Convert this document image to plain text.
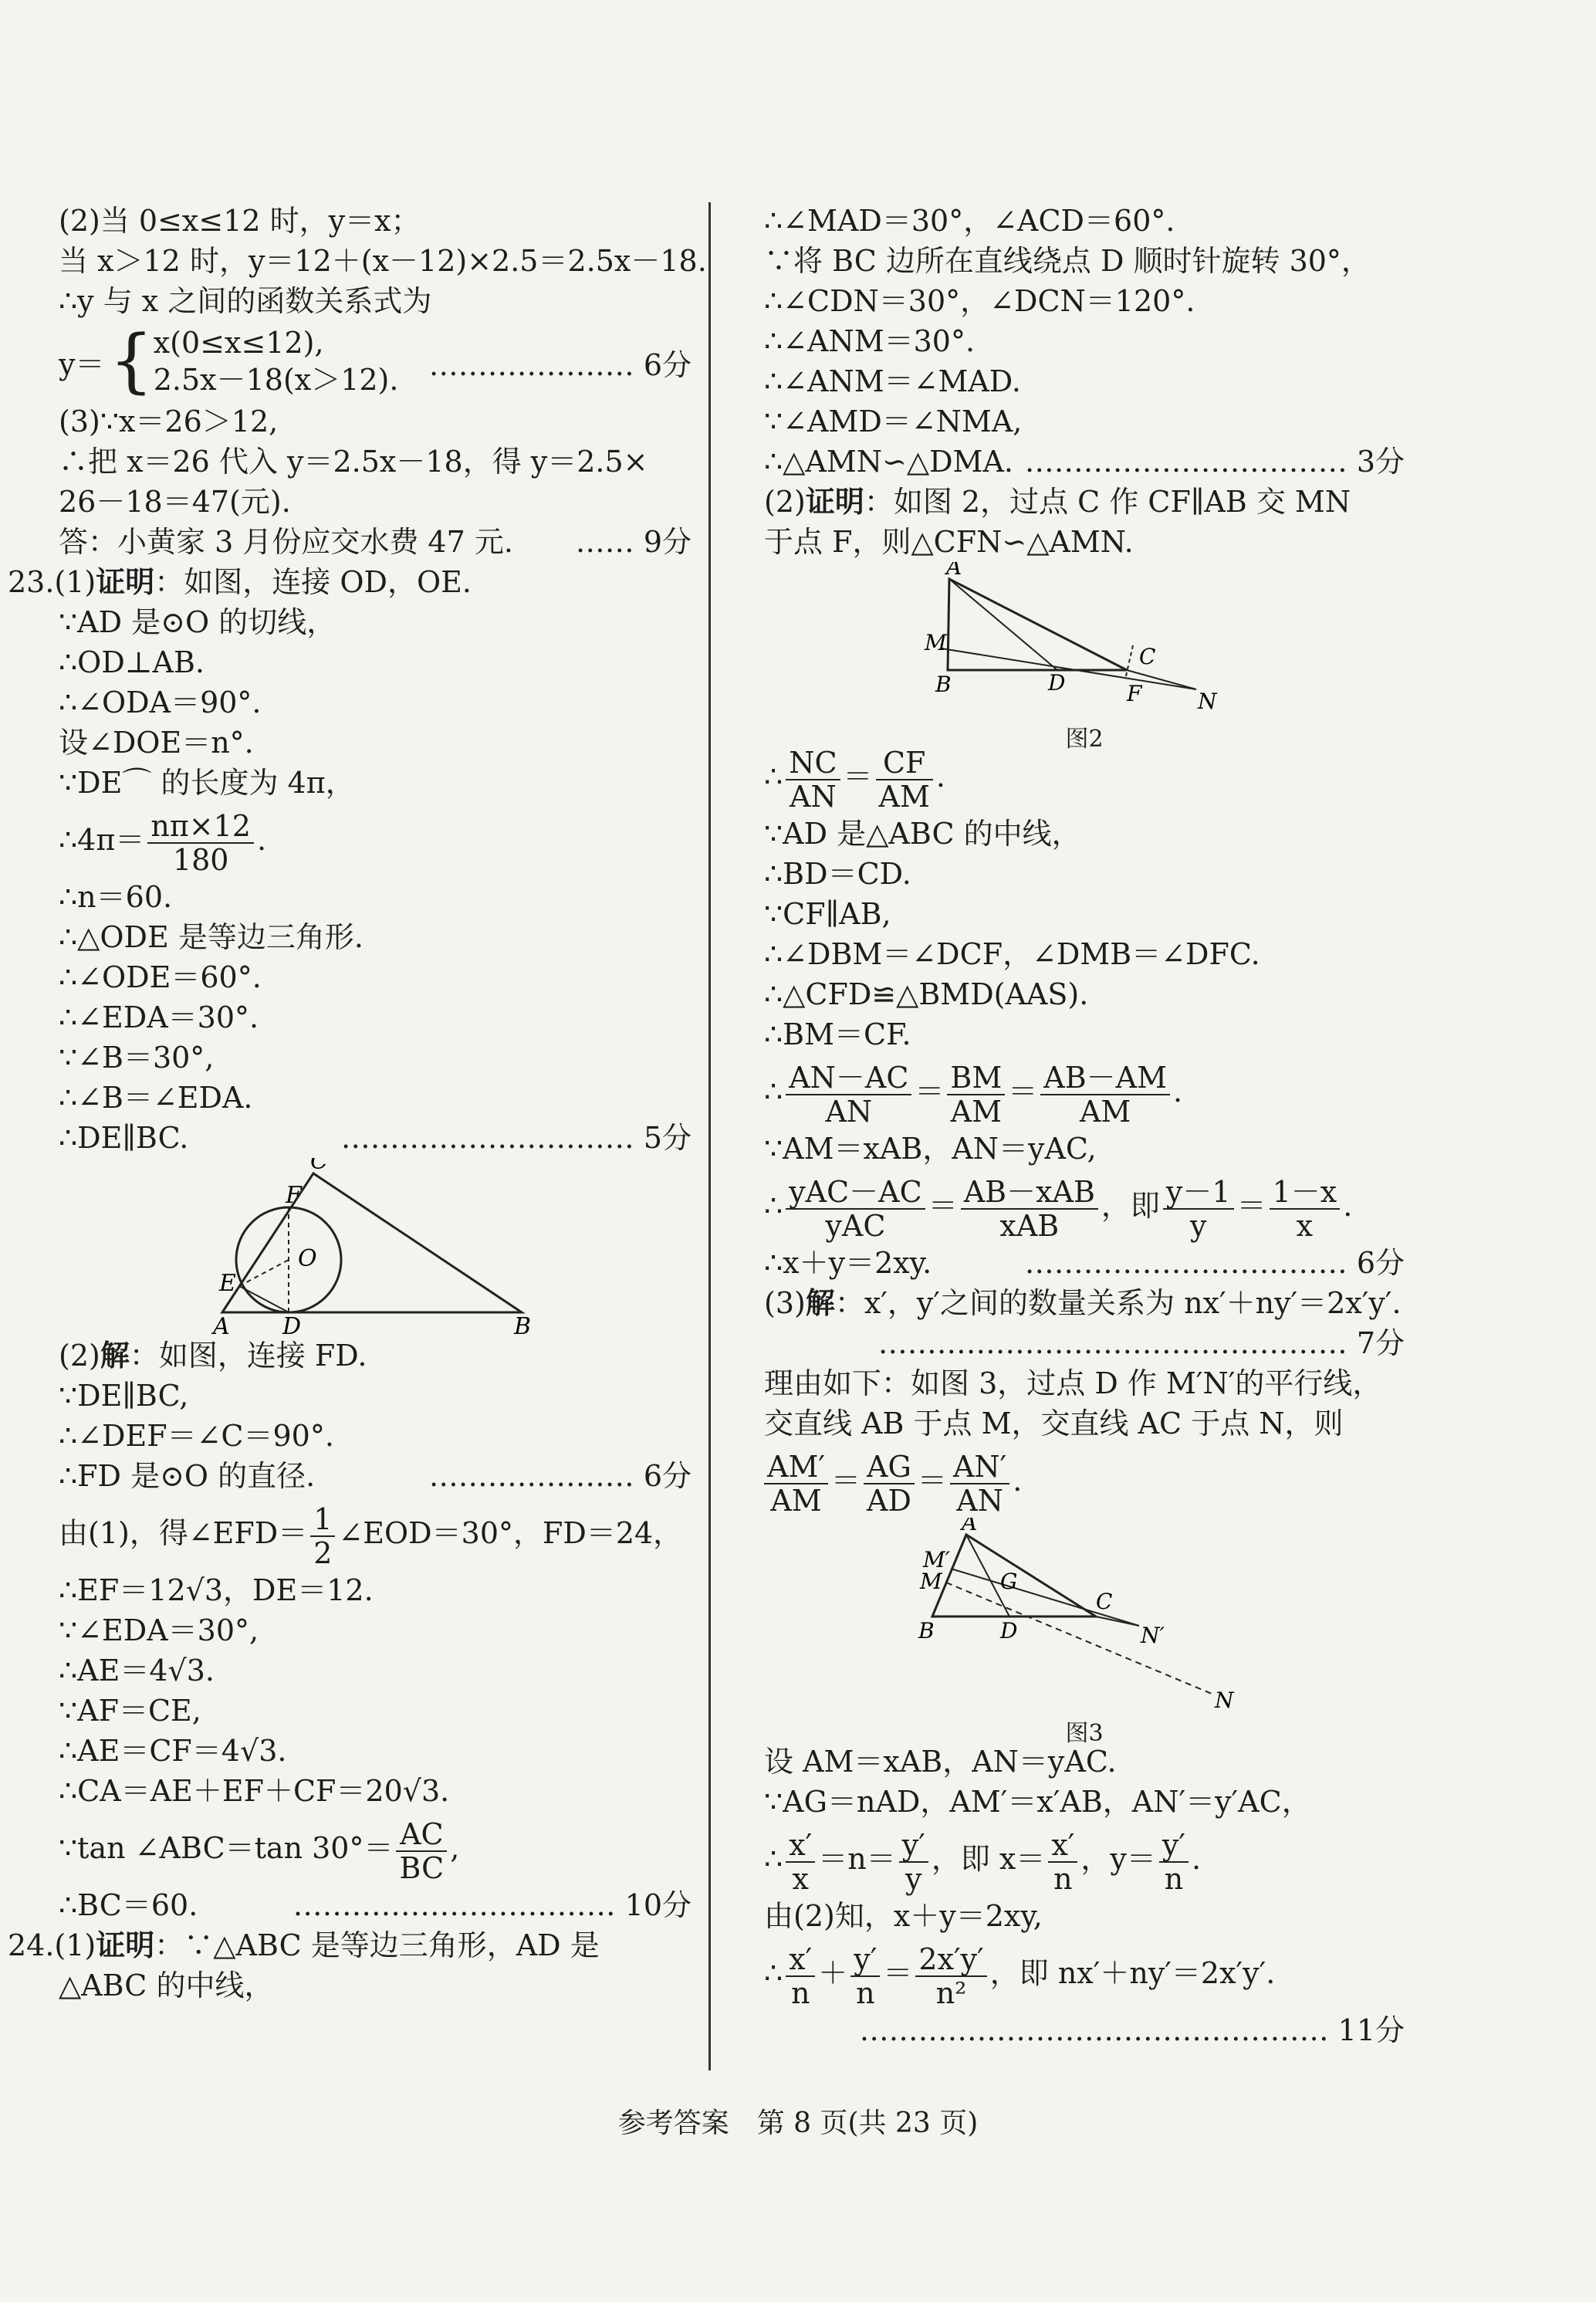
(2)当 0≤x≤12 时，y＝x；
当 x＞12 时，y＝12＋(x－12)×2.5＝2.5x－18.
∴y 与 x 之间的函数关系式为
y＝ { x(0≤x≤12),
2.5x－18(x＞12). ………………… 6分
(3)∵x＝26＞12,
∴把 x＝26 代入 y＝2.5x－18，得 y＝2.5×
26－18＝47(元).
答：小黄家 3 月份应交水费 47 元. …… 9分
23.(1)证明：如图，连接 OD，OE.
∵AD 是⊙O 的切线，
∴OD⊥AB.
∴∠ODA＝90°.
设∠DOE＝n°.
∵DE⌒ 的长度为 4π，
∴4π＝ $\frac{n\pi\times 12}{180}$ .
∴n＝60.
∴△ODE 是等边三角形.
∴∠ODE＝60°.
∴∠EDA＝30°.
∵∠B＝30°,
∴∠B＝∠EDA.
∴DE∥BC.	………………………… 5分
C
F
O
E
A D	B
(2)解：如图，连接 FD.
∵DE∥BC,
∴∠DEF＝∠C＝90°.
∴FD 是⊙O 的直径.	………………… 6分
由(1)，得∠EFD＝ $\frac{1}{2}$ ∠EOD＝30°，FD＝24，
∴EF＝12√3，DE＝12.
∵∠EDA＝30°,
∴AE＝4√3.
∵AF＝CE,
∴AE＝CF＝4√3.
∴CA＝AE＋EF＋CF＝20√3.
∵tan ∠ABC＝tan $30^\circ= \frac{AC}{BC}$ ,
∴BC＝60.	…………………………… 10分
24.(1)证明：∵△ABC 是等边三角形，AD 是
△ABC 的中线，
∴∠MAD＝30°，∠ACD＝60°.
∵将 BC 边所在直线绕点 D 顺时针旋转 30°，
∴∠CDN＝30°，∠DCN＝120°.
∴∠ANM＝30°.
∴∠ANM＝∠MAD.
∵∠AMD＝∠NMA,
∴△AMN∽△DMA. …………………………… 3分
(2)证明：如图 2，过点 C 作 CF∥AB 交 MN
于点 F，则△CFN∽△AMN.
A
M
B	D
C
F	N
图2
∴ $\frac{NC}{AN} = \frac{CF}{AM}$ .
∵AD 是△ABC 的中线，
∴BD＝CD.
∵CF∥AB,
∴∠DBM＝∠DCF，∠DMB＝∠DFC.
∴△CFD≌△BMD(AAS).
∴BM＝CF.
∴ $\frac{AN-AC}{AN} = \frac{BM}{AM} = \frac{AB-AM}{AM}$ .
∵AM＝xAB，AN＝yAC,
∴ $\frac{\text{yAC－AC}}{\text{yAC}} = \frac{\text{AB－xAB}}{\text{xAB}}$ ，即 $\frac{y-1}{y} = \frac{1-x}{x}$ .
∴x＋y＝2xy.	…………………………… 6分
(3)解：x′，y′之间的数量关系为 nx′＋ny′＝2x′y′.
………………………………………… 7分
理由如下：如图 3，过点 D 作 M′N′的平行线，
交直线 AB 于点 M，交直线 AC 于点 N，则
$\frac{AM'}{AM} = \frac{AG}{AD} = \frac{AN'}{AN}$ .
A
M′
M	G
B	D
C
N′
N
图3
设 AM＝xAB，AN＝yAC.
∵AG＝nAD，AM′＝x′AB，AN′＝y′AC，
∴ $\frac{x'}{x} =n= \frac{y'}{y}$ ，即 $x= \frac{x'}{n}$ ，$y= \frac{y'}{n}$ .
由(2)知，x＋y＝2xy,
∴ $\frac{x'}{n} + \frac{y'}{n} = \frac{2x'y'}{\text{n²}}$ ，即 nx′＋ny′＝2x′y′.
………………………………………… 11分
参考答案　第 8 页(共 23 页)
